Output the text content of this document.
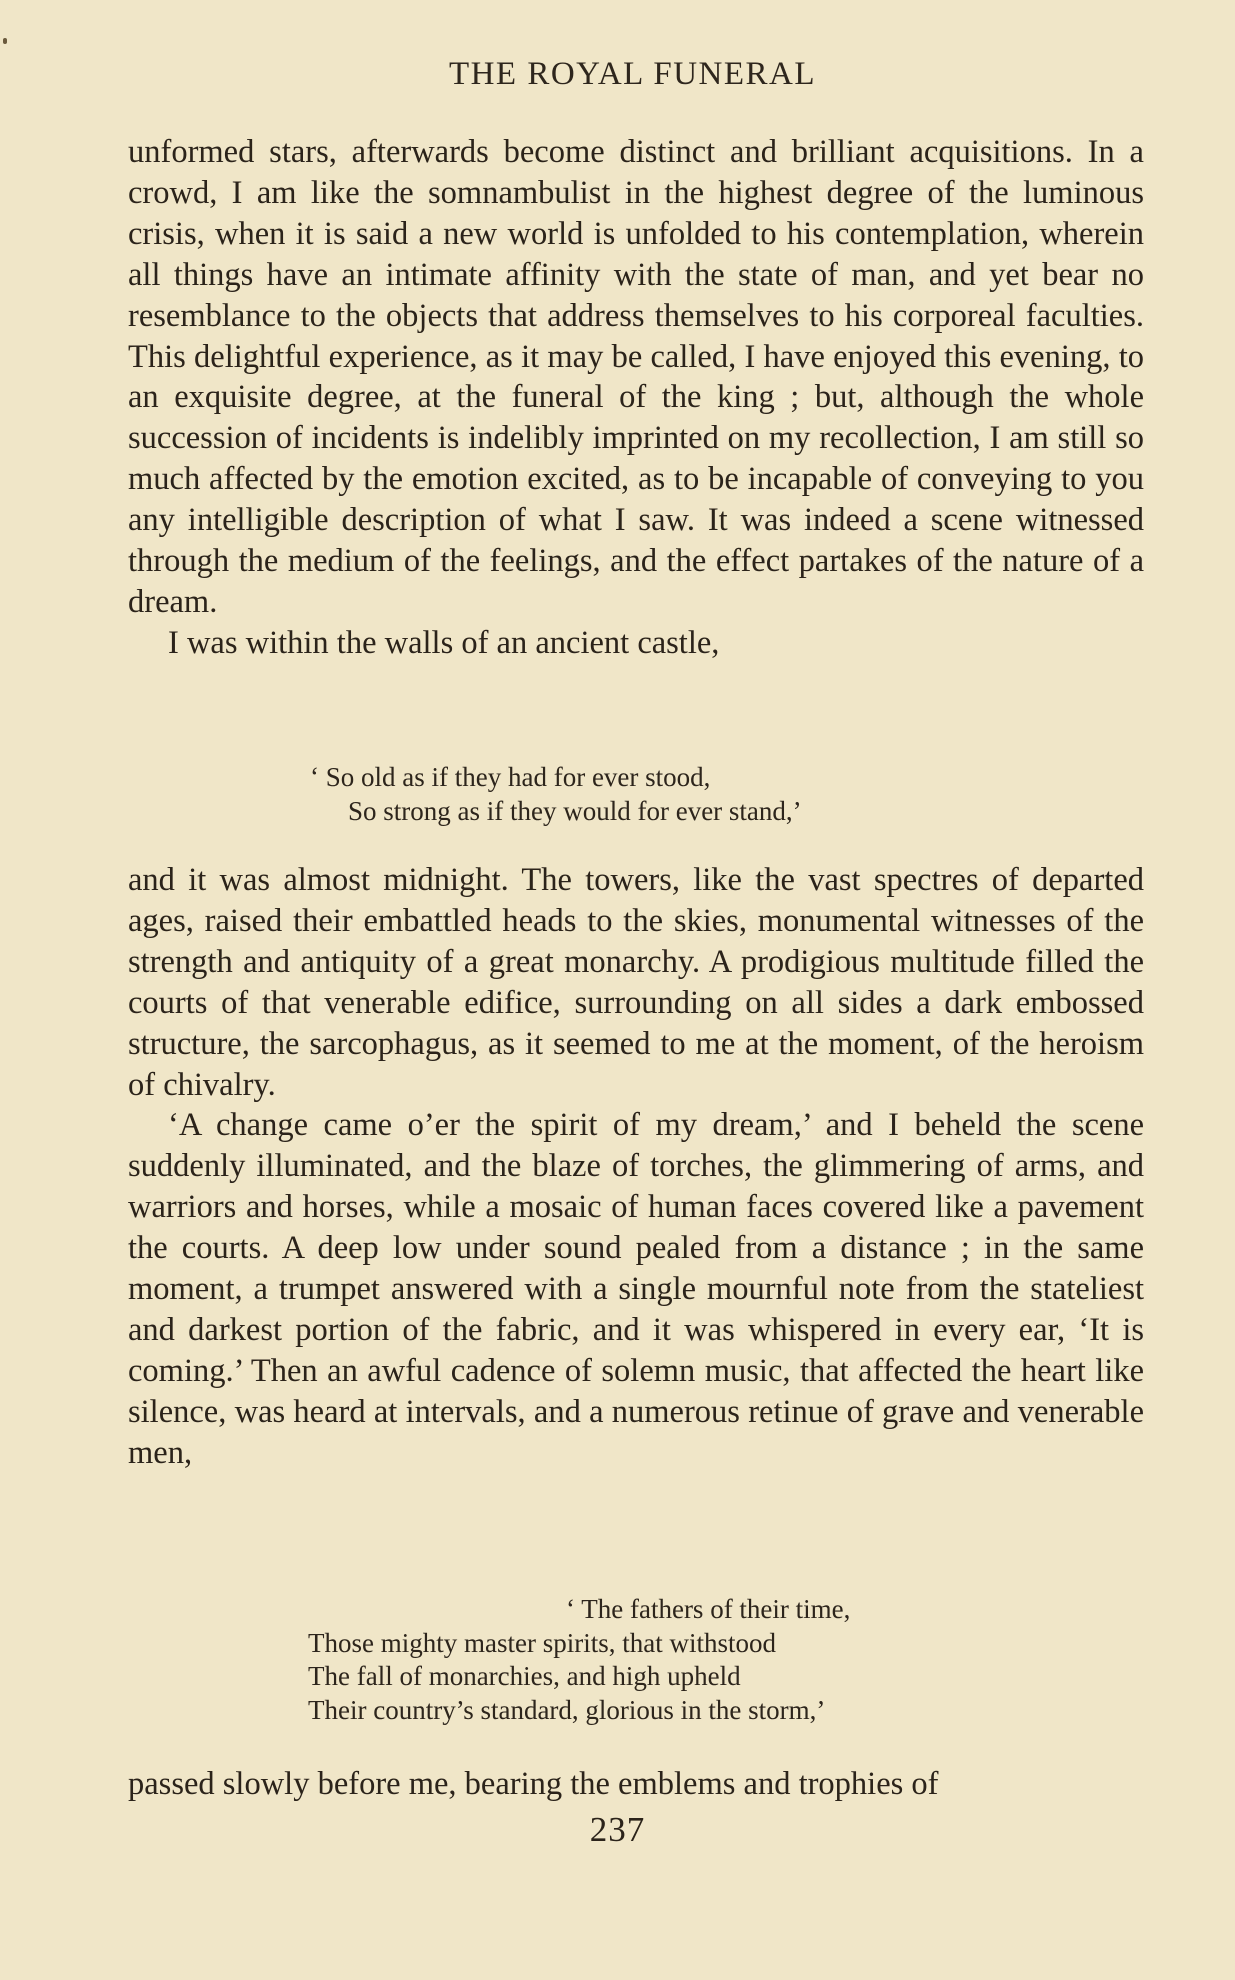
THE ROYAL FUNERAL

unformed stars, afterwards become distinct and brilliant acquisitions. In a crowd, I am like the somnambulist in the highest degree of the luminous crisis, when it is said a new world is unfolded to his contemplation, wherein all things have an intimate affinity with the state of man, and yet bear no resemblance to the objects that address themselves to his corporeal faculties. This delightful experience, as it may be called, I have enjoyed this evening, to an exquisite degree, at the funeral of the king ; but, although the whole succession of incidents is indelibly imprinted on my recollection, I am still so much affected by the emotion excited, as to be incapable of conveying to you any intelligible description of what I saw. It was indeed a scene witnessed through the medium of the feelings, and the effect partakes of the nature of a dream.

I was within the walls of an ancient castle,

‘ So old as if they had for ever stood,
So strong as if they would for ever stand,’

and it was almost midnight. The towers, like the vast spectres of departed ages, raised their embattled heads to the skies, monumental witnesses of the strength and antiquity of a great monarchy. A prodigious multitude filled the courts of that venerable edifice, surrounding on all sides a dark embossed structure, the sarcophagus, as it seemed to me at the moment, of the heroism of chivalry.

‘A change came o’er the spirit of my dream,’ and I beheld the scene suddenly illuminated, and the blaze of torches, the glimmering of arms, and warriors and horses, while a mosaic of human faces covered like a pavement the courts. A deep low under sound pealed from a distance ; in the same moment, a trumpet answered with a single mournful note from the stateliest and darkest portion of the fabric, and it was whispered in every ear, ‘It is coming.’ Then an awful cadence of solemn music, that affected the heart like silence, was heard at intervals, and a numerous retinue of grave and venerable men,

‘ The fathers of their time,
Those mighty master spirits, that withstood
The fall of monarchies, and high upheld
Their country’s standard, glorious in the storm,’

passed slowly before me, bearing the emblems and trophies of

237
